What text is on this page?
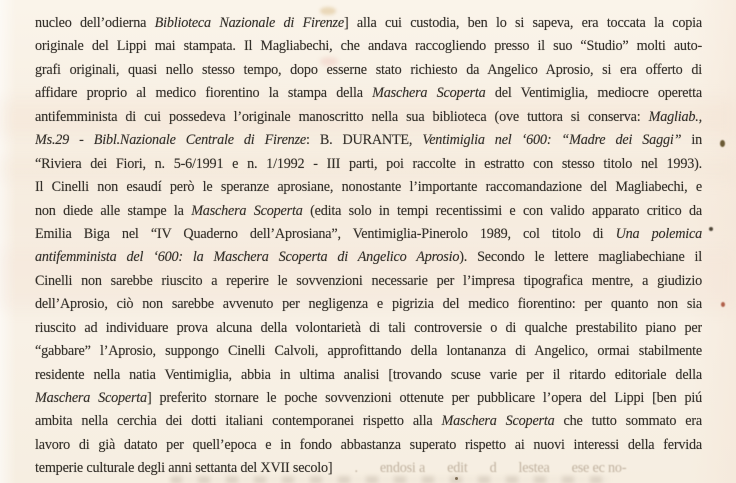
nucleo dell’odierna Biblioteca Nazionale di Firenze] alla cui custodia, ben lo si sapeva, era toccata la copia
originale del Lippi mai stampata. Il Magliabechi, che andava raccogliendo presso il suo “Studio” molti auto-
grafi originali, quasi nello stesso tempo, dopo esserne stato richiesto da Angelico Aprosio, si era offerto di
affidare proprio al medico fiorentino la stampa della Maschera Scoperta del Ventimiglia, mediocre operetta
antifemminista di cui possedeva l’originale manoscritto nella sua biblioteca (ove tuttora si conserva: Magliab.,
Ms.29 - Bibl.Nazionale Centrale di Firenze: B. DURANTE, Ventimiglia nel ‘600: “Madre dei Saggi” in
“Riviera dei Fiori, n. 5-6/1991 e n. 1/1992 - III parti, poi raccolte in estratto con stesso titolo nel 1993).
Il Cinelli non esaudí però le speranze aprosiane, nonostante l’importante raccomandazione del Magliabechi, e
non diede alle stampe la Maschera Scoperta (edita solo in tempi recentissimi e con valido apparato critico da
Emilia Biga nel “IV Quaderno dell’Aprosiana”, Ventimiglia-Pinerolo 1989, col titolo di Una polemica
antifemminista del ‘600: la Maschera Scoperta di Angelico Aprosio). Secondo le lettere magliabechiane il
Cinelli non sarebbe riuscito a reperire le sovvenzioni necessarie per l’impresa tipografica mentre, a giudizio
dell’Aprosio, ciò non sarebbe avvenuto per negligenza e pigrizia del medico fiorentino: per quanto non sia
riuscito ad individuare prova alcuna della volontarietà di tali controversie o di qualche prestabilito piano per
“gabbare” l’Aprosio, suppongo Cinelli Calvoli, approfittando della lontananza di Angelico, ormai stabilmente
residente nella natia Ventimiglia, abbia in ultima analisi [trovando scuse varie per il ritardo editoriale della
Maschera Scoperta] preferito stornare le poche sovvenzioni ottenute per pubblicare l’opera del Lippi [ben piú
ambita nella cerchia dei dotti italiani contemporanei rispetto alla Maschera Scoperta che tutto sommato era
lavoro di già datato per quell’epoca e in fondo abbastanza superato rispetto ai nuovi interessi della fervida
temperie culturale degli anni settanta del XVII secolo] . endosi a edit d lestea ese ec no-
